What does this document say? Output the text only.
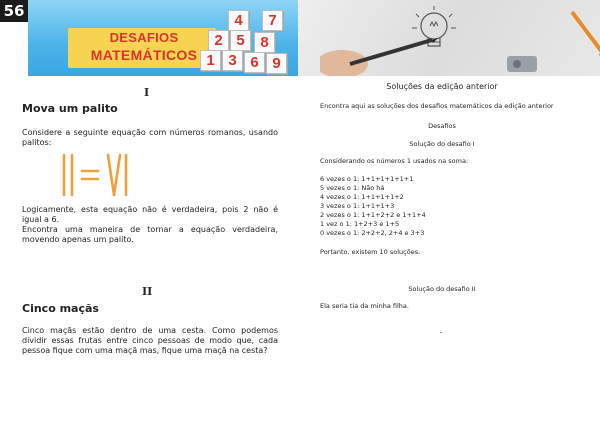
56
DESAFIOS
MATEMÁTICOS
4	7
2 5	8
1 3 6 9
I
Mova um palito
Considere a seguinte equação com números romanos, usando palitos:
Logicamente, esta equação não é verdadeira, pois 2 não é igual a 6.
Encontra uma maneira de tornar a equação verdadeira, movendo apenas um palito.
II
Cinco maçãs
Cinco maçãs estão dentro de uma cesta. Como podemos dividir essas frutas entre cinco pessoas de modo que, cada pessoa fique com uma maçã mas, fique uma maçã na cesta?
Soluções da edição anterior
Encontra aqui as soluções dos desafios matemáticos da edição anterior
Desafios
Solução do desafio I
Considerando os números 1 usados na soma:
6 vezes o 1: 1+1+1+1+1+1
5 vezes o 1: Não há
4 vezes o 1: 1+1+1+1+2
3 vezes o 1: 1+1+1+3
2 vezes o 1: 1+1+2+2 e 1+1+4
1 vez o 1: 1+2+3 e 1+5
0 vezes o 1: 2+2+2, 2+4 e 3+3
Portanto, existem 10 soluções.
Solução do desafio II
Ela seria tia da minha filha.
